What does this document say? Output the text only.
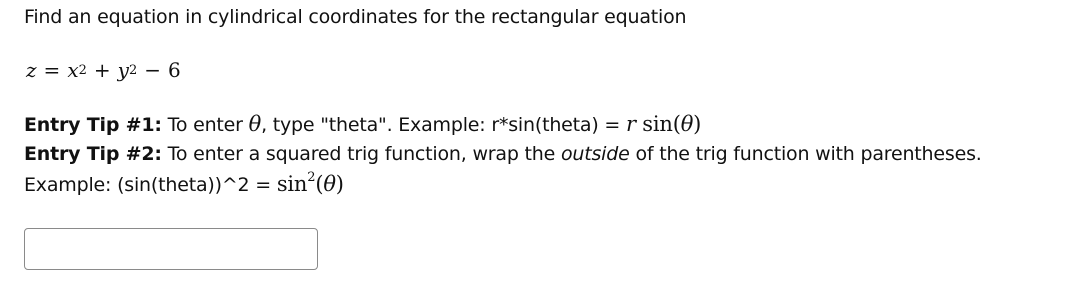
Find an equation in cylindrical coordinates for the rectangular equation
$z = x^2 + y^2 - 6$
Entry Tip #1: To enter θ, type "theta". Example: r*sin(theta) = r sin(θ)
Entry Tip #2: To enter a squared trig function, wrap the outside of the trig function with parentheses.
Example: (sin(theta))^2 = $\sin^2(\theta)$
